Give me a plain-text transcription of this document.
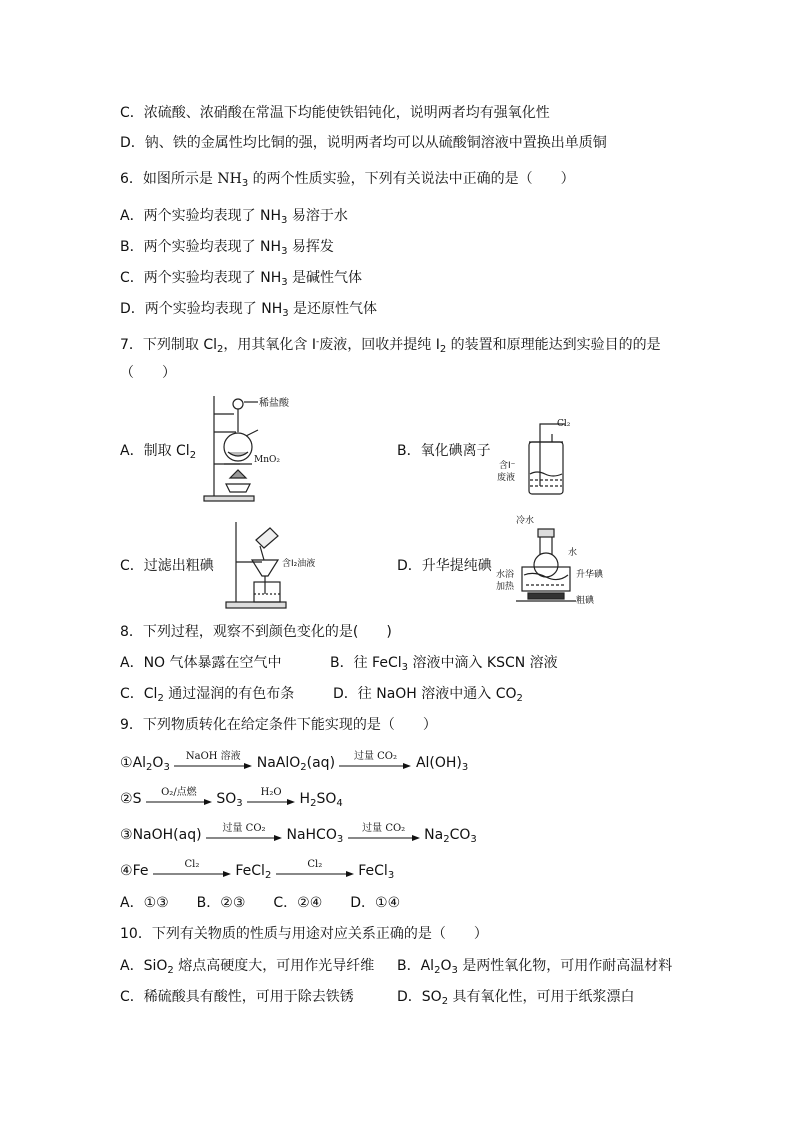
C．浓硫酸、浓硝酸在常温下均能使铁铝钝化，说明两者均有强氧化性
D．钠、铁的金属性均比铜的强，说明两者均可以从硫酸铜溶液中置换出单质铜
6．如图所示是 $NH_3$ 的两个性质实验，下列有关说法中正确的是（　　）
A．两个实验均表现了 $NH_3$ 易溶于水
B．两个实验均表现了 $NH_3$ 易挥发
C．两个实验均表现了 $NH_3$ 是碱性气体
D．两个实验均表现了 $NH_3$ 是还原性气体
7．下列制取 $Cl_2$，用其氧化含 I-废液，回收并提纯 $I_2$ 的装置和原理能达到实验目的的是
（　　）
A．制取 $Cl_2$	B．氧化碘离子
C．过滤出粗碘	D．升华提纯碘
稀盐酸
MnO₂
Cl₂
含I⁻
废液
含I₂油液
冷水
水
升华碘
水浴
加热
粗碘
8．下列过程，观察不到颜色变化的是(　　)
A．NO 气体暴露在空气中	B．往 FeCl$_3$ 溶液中滴入 KSCN 溶液
C．$Cl_2$ 通过湿润的有色布条	D．往 NaOH 溶液中通入 $CO_2$
9．下列物质转化在给定条件下能实现的是（　　）
$①Al_2O_3$
NaOH 溶液	NaAlO$_2$(aq)	过量 CO₂	$Al(OH)_3$
②S	O₂/点燃	$SO_3$
H₂O	$H_2SO_4$
③NaOH(aq)	过量 CO₂	NaHCO$_3$
过量 CO₂	$Na_2CO_3$
④Fe	Cl₂	FeCl$_2$
Cl₂	FeCl$_3$
A．①③　　B．②③　　C．②④　　D．①④
10．下列有关物质的性质与用途对应关系正确的是（　　）
A．SiO$_2$ 熔点高硬度大，可用作光导纤维 B．$Al_2O_3$ 是两性氧化物，可用作耐高温材料
C．稀硫酸具有酸性，可用于除去铁锈	D．$SO_2$ 具有氧化性，可用于纸浆漂白
